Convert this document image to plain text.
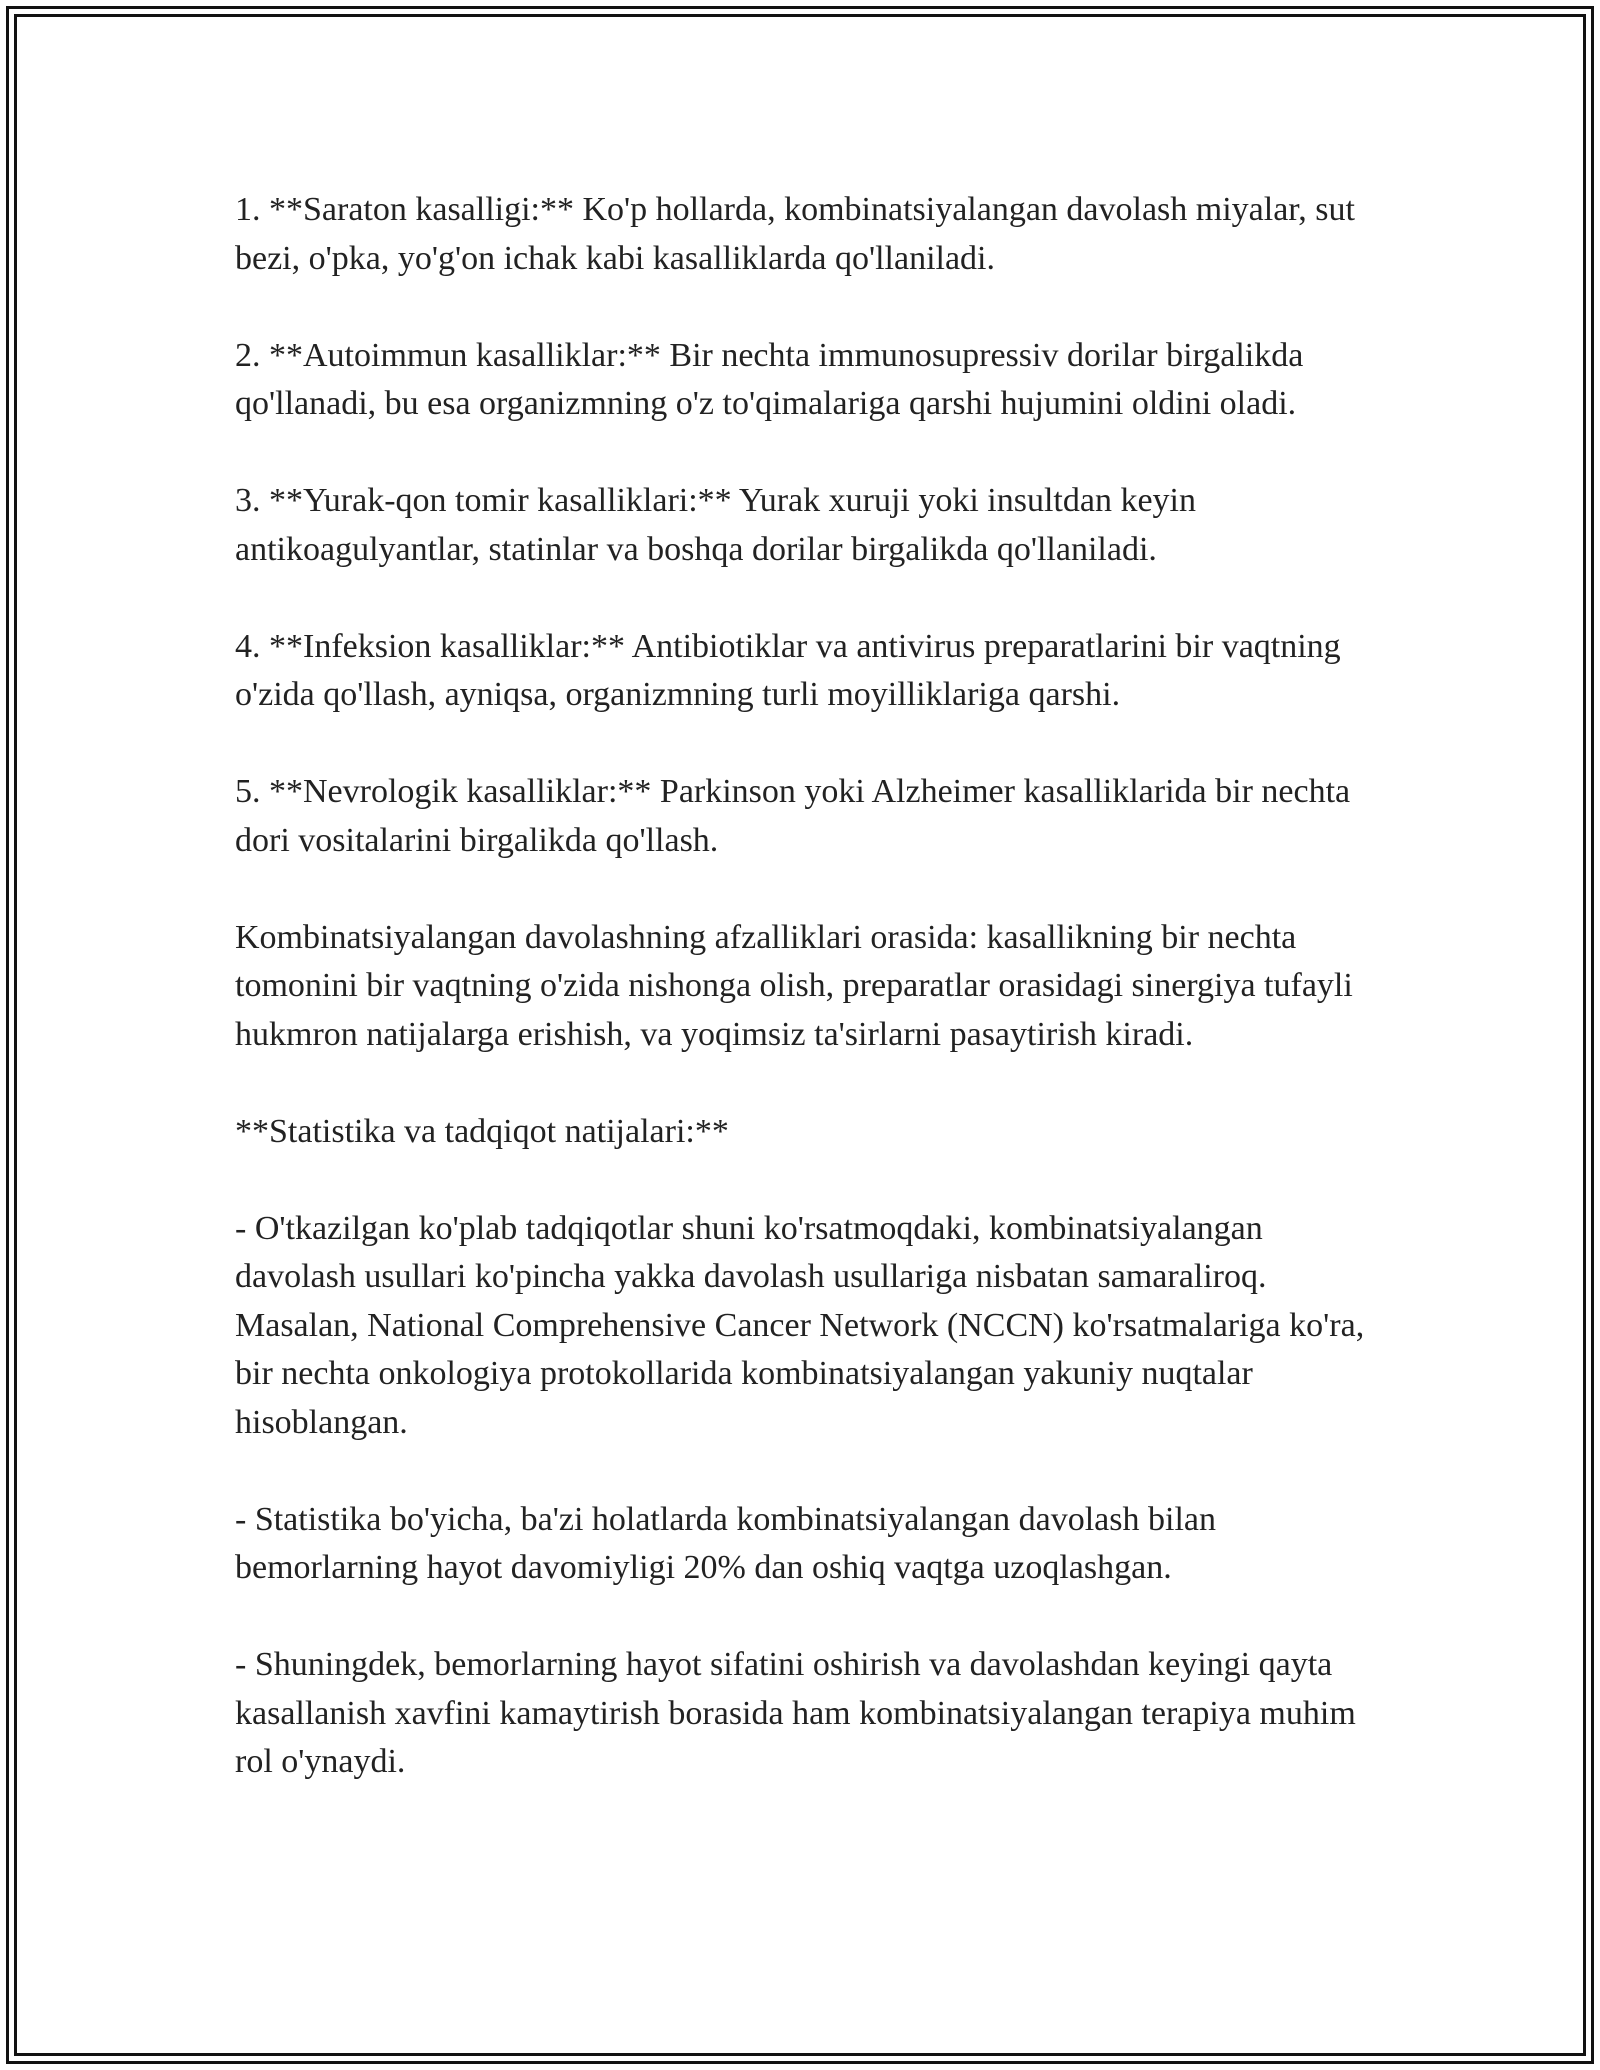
1. **Saraton kasalligi:** Ko'p hollarda, kombinatsiyalangan davolash miyalar, sut bezi, o'pka, yo'g'on ichak kabi kasalliklarda qo'llaniladi.

2. **Autoimmun kasalliklar:** Bir nechta immunosupressiv dorilar birgalikda qo'llanadi, bu esa organizmning o'z to'qimalariga qarshi hujumini oldini oladi.

3. **Yurak-qon tomir kasalliklari:** Yurak xuruji yoki insultdan keyin antikoagulyantlar, statinlar va boshqa dorilar birgalikda qo'llaniladi.

4. **Infeksion kasalliklar:** Antibiotiklar va antivirus preparatlarini bir vaqtning o'zida qo'llash, ayniqsa, organizmning turli moyilliklariga qarshi.

5. **Nevrologik kasalliklar:** Parkinson yoki Alzheimer kasalliklarida bir nechta dori vositalarini birgalikda qo'llash.

Kombinatsiyalangan davolashning afzalliklari orasida: kasallikning bir nechta tomonini bir vaqtning o'zida nishonga olish, preparatlar orasidagi sinergiya tufayli hukmron natijalarga erishish, va yoqimsiz ta'sirlarni pasaytirish kiradi.

**Statistika va tadqiqot natijalari:**

- O'tkazilgan ko'plab tadqiqotlar shuni ko'rsatmoqdaki, kombinatsiyalangan davolash usullari ko'pincha yakka davolash usullariga nisbatan samaraliroq. Masalan, National Comprehensive Cancer Network (NCCN) ko'rsatmalariga ko'ra, bir nechta onkologiya protokollarida kombinatsiyalangan yakuniy nuqtalar hisoblangan.

- Statistika bo'yicha, ba'zi holatlarda kombinatsiyalangan davolash bilan bemorlarning hayot davomiyligi 20% dan oshiq vaqtga uzoqlashgan.

- Shuningdek, bemorlarning hayot sifatini oshirish va davolashdan keyingi qayta kasallanish xavfini kamaytirish borasida ham kombinatsiyalangan terapiya muhim rol o'ynaydi.
